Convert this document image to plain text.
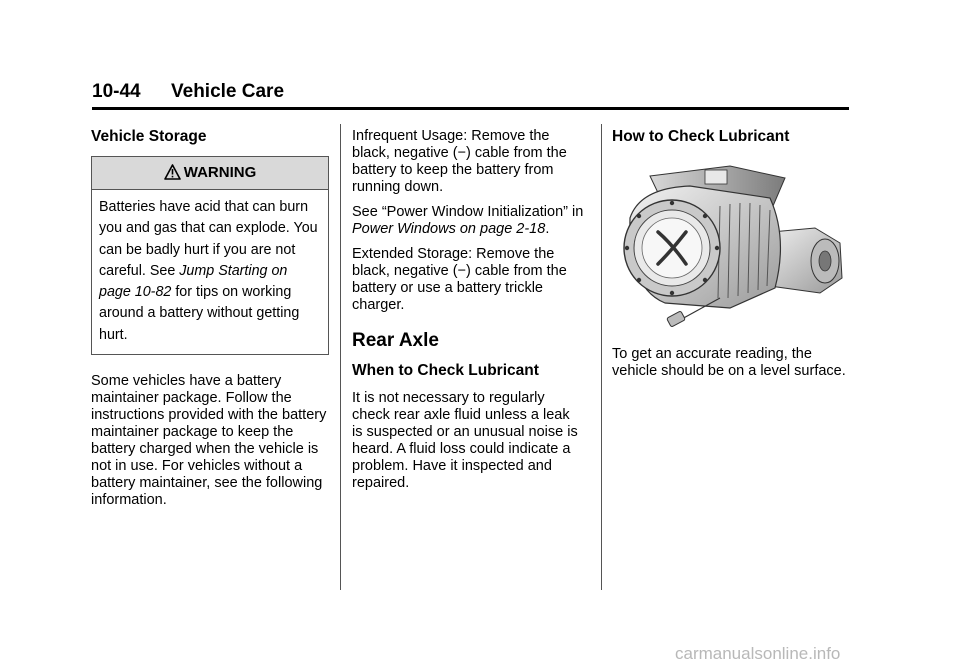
10-44 Vehicle Care
Vehicle Storage
WARNING
Batteries have acid that can burn you and gas that can explode. You can be badly hurt if you are not careful. See Jump Starting on page 10-82 for tips on working around a battery without getting hurt.

Some vehicles have a battery maintainer package. Follow the instructions provided with the battery maintainer package to keep the battery charged when the vehicle is not in use. For vehicles without a battery maintainer, see the following information.

Infrequent Usage: Remove the black, negative (−) cable from the battery to keep the battery from running down.

See “Power Window Initialization” in Power Windows on page 2-18.

Extended Storage: Remove the black, negative (−) cable from the battery or use a battery trickle charger.

Rear Axle
When to Check Lubricant

It is not necessary to regularly check rear axle fluid unless a leak is suspected or an unusual noise is heard. A fluid loss could indicate a problem. Have it inspected and repaired.

How to Check Lubricant

To get an accurate reading, the vehicle should be on a level surface.

carmanualsonline.info
